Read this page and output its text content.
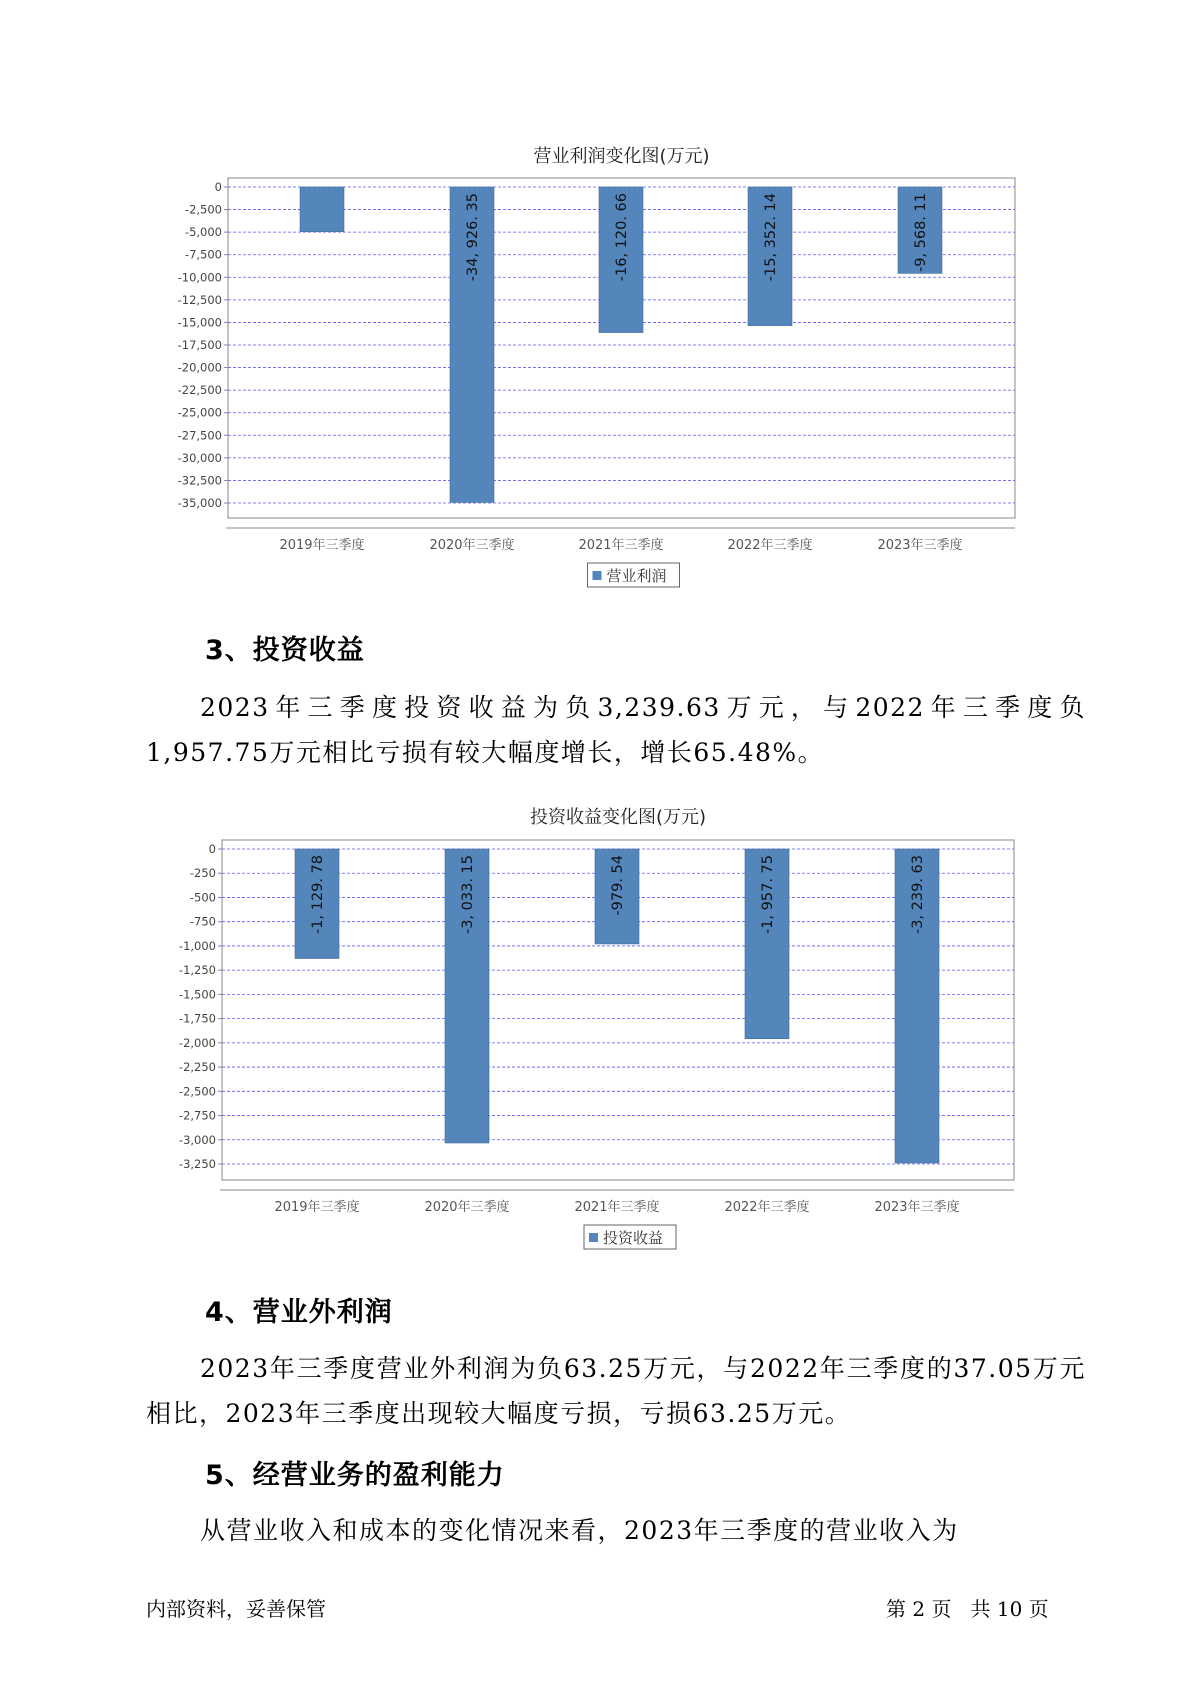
营业利润变化图(万元)
0
-2,500
-5,000
-7,500
-10,000
-12,500
-15,000
-17,500
-20,000
-22,500
-25,000
-27,500
-30,000
-32,500
-35,000
2019年三季度
-34, 926. 35
2020年三季度
-16, 120. 66
2021年三季度
-15, 352. 14
2022年三季度
-9, 568. 11
2023年三季度
营业利润
3、投资收益

2023年三季度投资收益为负3,239.63万元，与2022年三季度负1,957.75万元相比亏损有较大幅度增长，增长65.48%。

投资收益变化图(万元)
0
-250
-500
-750
-1,000
-1,250
-1,500
-1,750
-2,000
-2,250
-2,500
-2,750
-3,000
-3,250
-1, 129. 78
2019年三季度
-3, 033. 15
2020年三季度
-979. 54
2021年三季度
-1, 957. 75
2022年三季度
-3, 239. 63
2023年三季度
投资收益
4、营业外利润

2023年三季度营业外利润为负63.25万元，与2022年三季度的37.05万元相比，2023年三季度出现较大幅度亏损，亏损63.25万元。

5、经营业务的盈利能力

从营业收入和成本的变化情况来看，2023年三季度的营业收入为

内部资料，妥善保管	第 2 页   共 10 页
